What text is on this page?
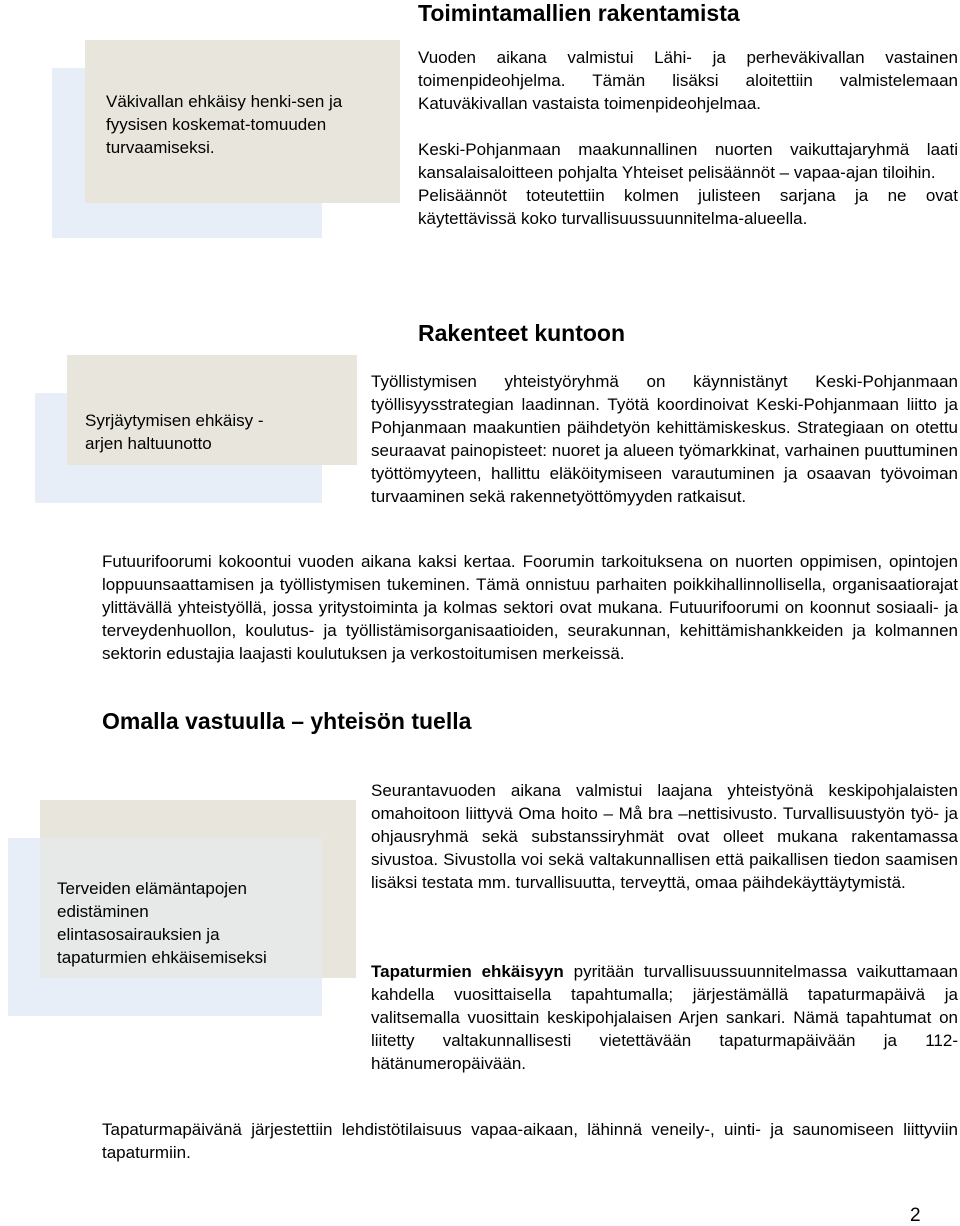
Toimintamallien rakentamista
Väkivallan ehkäisy henki-sen ja fyysisen koskemat-tomuuden turvaamiseksi.

Vuoden aikana valmistui Lähi- ja perheväkivallan vastainen toimenpideohjelma. Tämän lisäksi aloitettiin valmistelemaan Katuväkivallan vastaista toimenpideohjelmaa.

Keski-Pohjanmaan maakunnallinen nuorten vaikuttajaryhmä laati kansalaisaloitteen pohjalta Yhteiset pelisäännöt – vapaa-ajan tiloihin.

Pelisäännöt toteutettiin kolmen julisteen sarjana ja ne ovat käytettävissä koko turvallisuussuunnitelma-alueella.

Rakenteet kuntoon
Syrjäytymisen ehkäisy - arjen haltuunotto
Työllistymisen yhteistyöryhmä on käynnistänyt Keski-Pohjanmaan työllisyysstrategian laadinnan. Työtä koordinoivat Keski-Pohjanmaan liitto ja Pohjanmaan maakuntien päihdetyön kehittämiskeskus. Strategiaan on otettu seuraavat painopisteet: nuoret ja alueen työmarkkinat, varhainen puuttuminen työttömyyteen, hallittu eläköitymiseen varautuminen ja osaavan työvoiman turvaaminen sekä rakennetyöttömyyden ratkaisut.
Futuurifoorumi kokoontui vuoden aikana kaksi kertaa. Foorumin tarkoituksena on nuorten oppimisen, opintojen loppuunsaattamisen ja työllistymisen tukeminen. Tämä onnistuu parhaiten poikkihallinnollisella, organisaatiorajat ylittävällä yhteistyöllä, jossa yritystoiminta ja kolmas sektori ovat mukana. Futuurifoorumi on koonnut sosiaali- ja terveydenhuollon, koulutus- ja työllistämisorganisaatioiden, seurakunnan, kehittämishankkeiden ja kolmannen sektorin edustajia laajasti koulutuksen ja verkostoitumisen merkeissä.
Omalla vastuulla – yhteisön tuella
Terveiden elämäntapojen edistäminen elintasosairauksien ja tapaturmien ehkäisemiseksi
Seurantavuoden aikana valmistui laajana yhteistyönä keskipohjalaisten omahoitoon liittyvä Oma hoito – Må bra –nettisivusto. Turvallisuustyön työ- ja ohjausryhmä sekä substanssiryhmät ovat olleet mukana rakentamassa sivustoa. Sivustolla voi sekä valtakunnallisen että paikallisen tiedon saamisen lisäksi testata mm. turvallisuutta, terveyttä, omaa päihdekäyttäytymistä.
Tapaturmien ehkäisyyn pyritään turvallisuussuunnitelmassa vaikuttamaan kahdella vuosittaisella tapahtumalla; järjestämällä tapaturmapäivä ja valitsemalla vuosittain keskipohjalaisen Arjen sankari. Nämä tapahtumat on liitetty valtakunnallisesti vietettävään tapaturmapäivään ja 112- hätänumeropäivään.
Tapaturmapäivänä järjestettiin lehdistötilaisuus vapaa-aikaan, lähinnä veneily-, uinti- ja saunomiseen liittyviin tapaturmiin.
2
